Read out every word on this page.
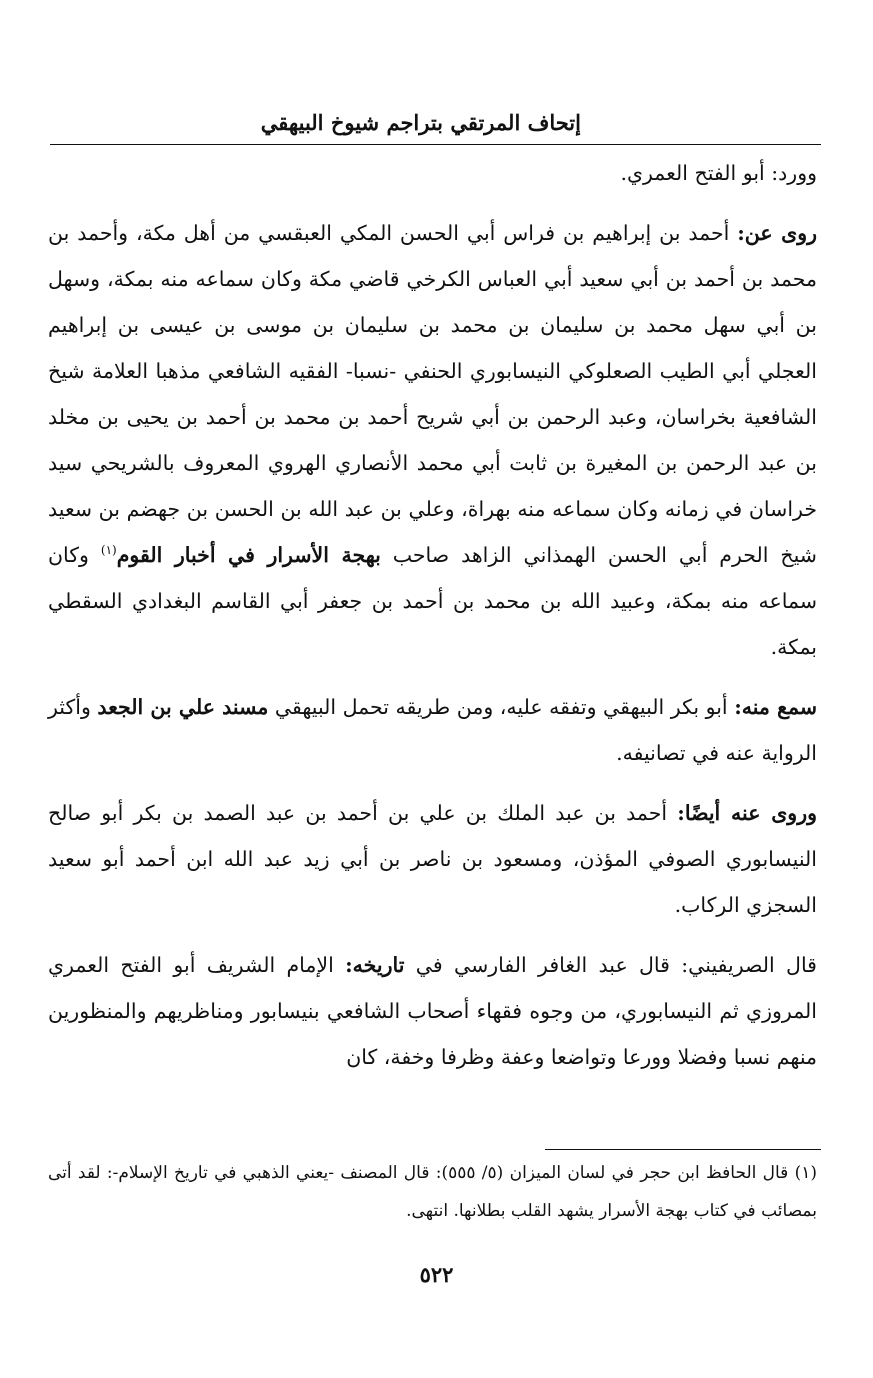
إتحاف المرتقي بتراجم شيوخ البيهقي

وورد: أبو الفتح العمري.

روى عن: أحمد بن إبراهيم بن فراس أبي الحسن المكي العبقسي من أهل مكة، وأحمد بن محمد بن أحمد بن أبي سعيد أبي العباس الكرخي قاضي مكة وكان سماعه منه بمكة، وسهل بن أبي سهل محمد بن سليمان بن محمد بن سليمان بن موسى بن عيسى بن إبراهيم العجلي أبي الطيب الصعلوكي النيسابوري الحنفي -نسبا- الفقيه الشافعي مذهبا العلامة شيخ الشافعية بخراسان، وعبد الرحمن بن أبي شريح أحمد بن محمد بن أحمد بن يحيى بن مخلد بن عبد الرحمن بن المغيرة بن ثابت أبي محمد الأنصاري الهروي المعروف بالشريحي سيد خراسان في زمانه وكان سماعه منه بهراة، وعلي بن عبد الله بن الحسن بن جهضم بن سعيد شيخ الحرم أبي الحسن الهمذاني الزاهد صاحب بهجة الأسرار في أخبار القوم$^{(١)}$ وكان سماعه منه بمكة، وعبيد الله بن محمد بن أحمد بن جعفر أبي القاسم البغدادي السقطي بمكة.

سمع منه: أبو بكر البيهقي وتفقه عليه، ومن طريقه تحمل البيهقي مسند علي بن الجعد وأكثر الرواية عنه في تصانيفه.

وروى عنه أيضًا: أحمد بن عبد الملك بن علي بن أحمد بن عبد الصمد بن بكر أبو صالح النيسابوري الصوفي المؤذن، ومسعود بن ناصر بن أبي زيد عبد الله ابن أحمد أبو سعيد السجزي الركاب.

قال الصريفيني: قال عبد الغافر الفارسي في تاريخه: الإمام الشريف أبو الفتح العمري المروزي ثم النيسابوري، من وجوه فقهاء أصحاب الشافعي بنيسابور ومناظريهم والمنظورين منهم نسبا وفضلا وورعا وتواضعا وعفة وظرفا وخفة، كان

(١) قال الحافظ ابن حجر في لسان الميزان (٥/ ٥٥٥): قال المصنف -يعني الذهبي في تاريخ الإسلام-: لقد أتى بمصائب في كتاب بهجة الأسرار يشهد القلب بطلانها. انتهى.

٥٢٢
